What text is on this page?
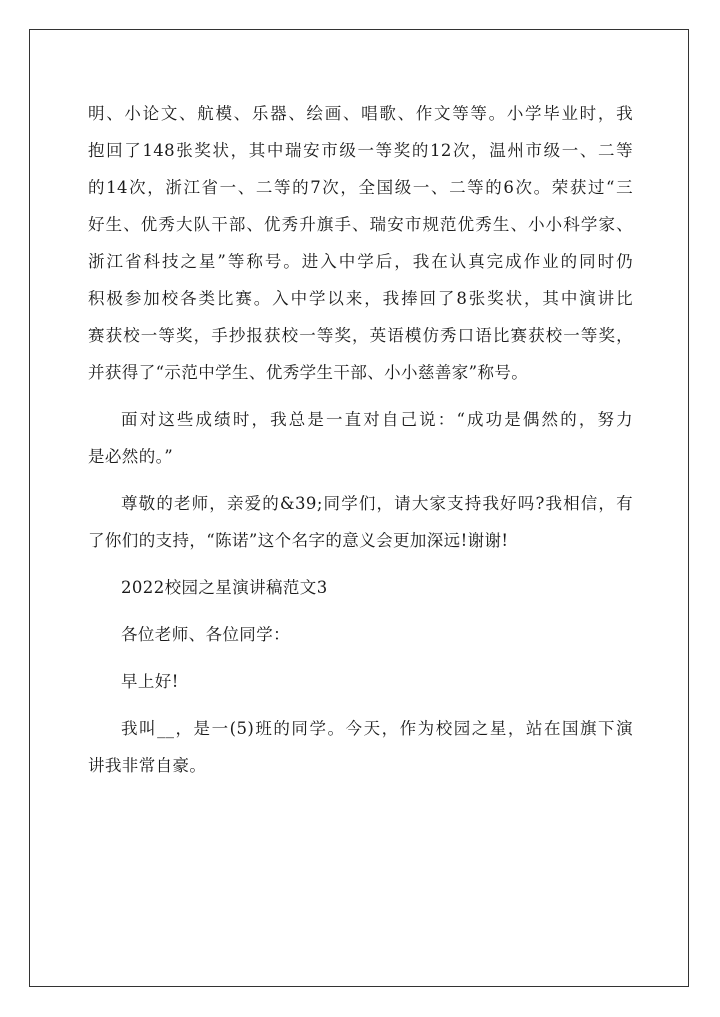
明、小论文、航模、乐器、绘画、唱歌、作文等等。小学毕业时，我
抱回了148张奖状，其中瑞安市级一等奖的12次，温州市级一、二等
的14次，浙江省一、二等的7次，全国级一、二等的6次。荣获过“三
好生、优秀大队干部、优秀升旗手、瑞安市规范优秀生、小小科学家、
浙江省科技之星”等称号。进入中学后，我在认真完成作业的同时仍
积极参加校各类比赛。入中学以来，我捧回了8张奖状，其中演讲比
赛获校一等奖，手抄报获校一等奖，英语模仿秀口语比赛获校一等奖，
并获得了“示范中学生、优秀学生干部、小小慈善家”称号。
面对这些成绩时，我总是一直对自己说：“成功是偶然的，努力
是必然的。”
尊敬的老师，亲爱的&39;同学们，请大家支持我好吗?我相信，有
了你们的支持，“陈诺”这个名字的意义会更加深远!谢谢!
2022校园之星演讲稿范文3
各位老师、各位同学：
早上好!
我叫__，是一(5)班的同学。今天，作为校园之星，站在国旗下演
讲我非常自豪。
